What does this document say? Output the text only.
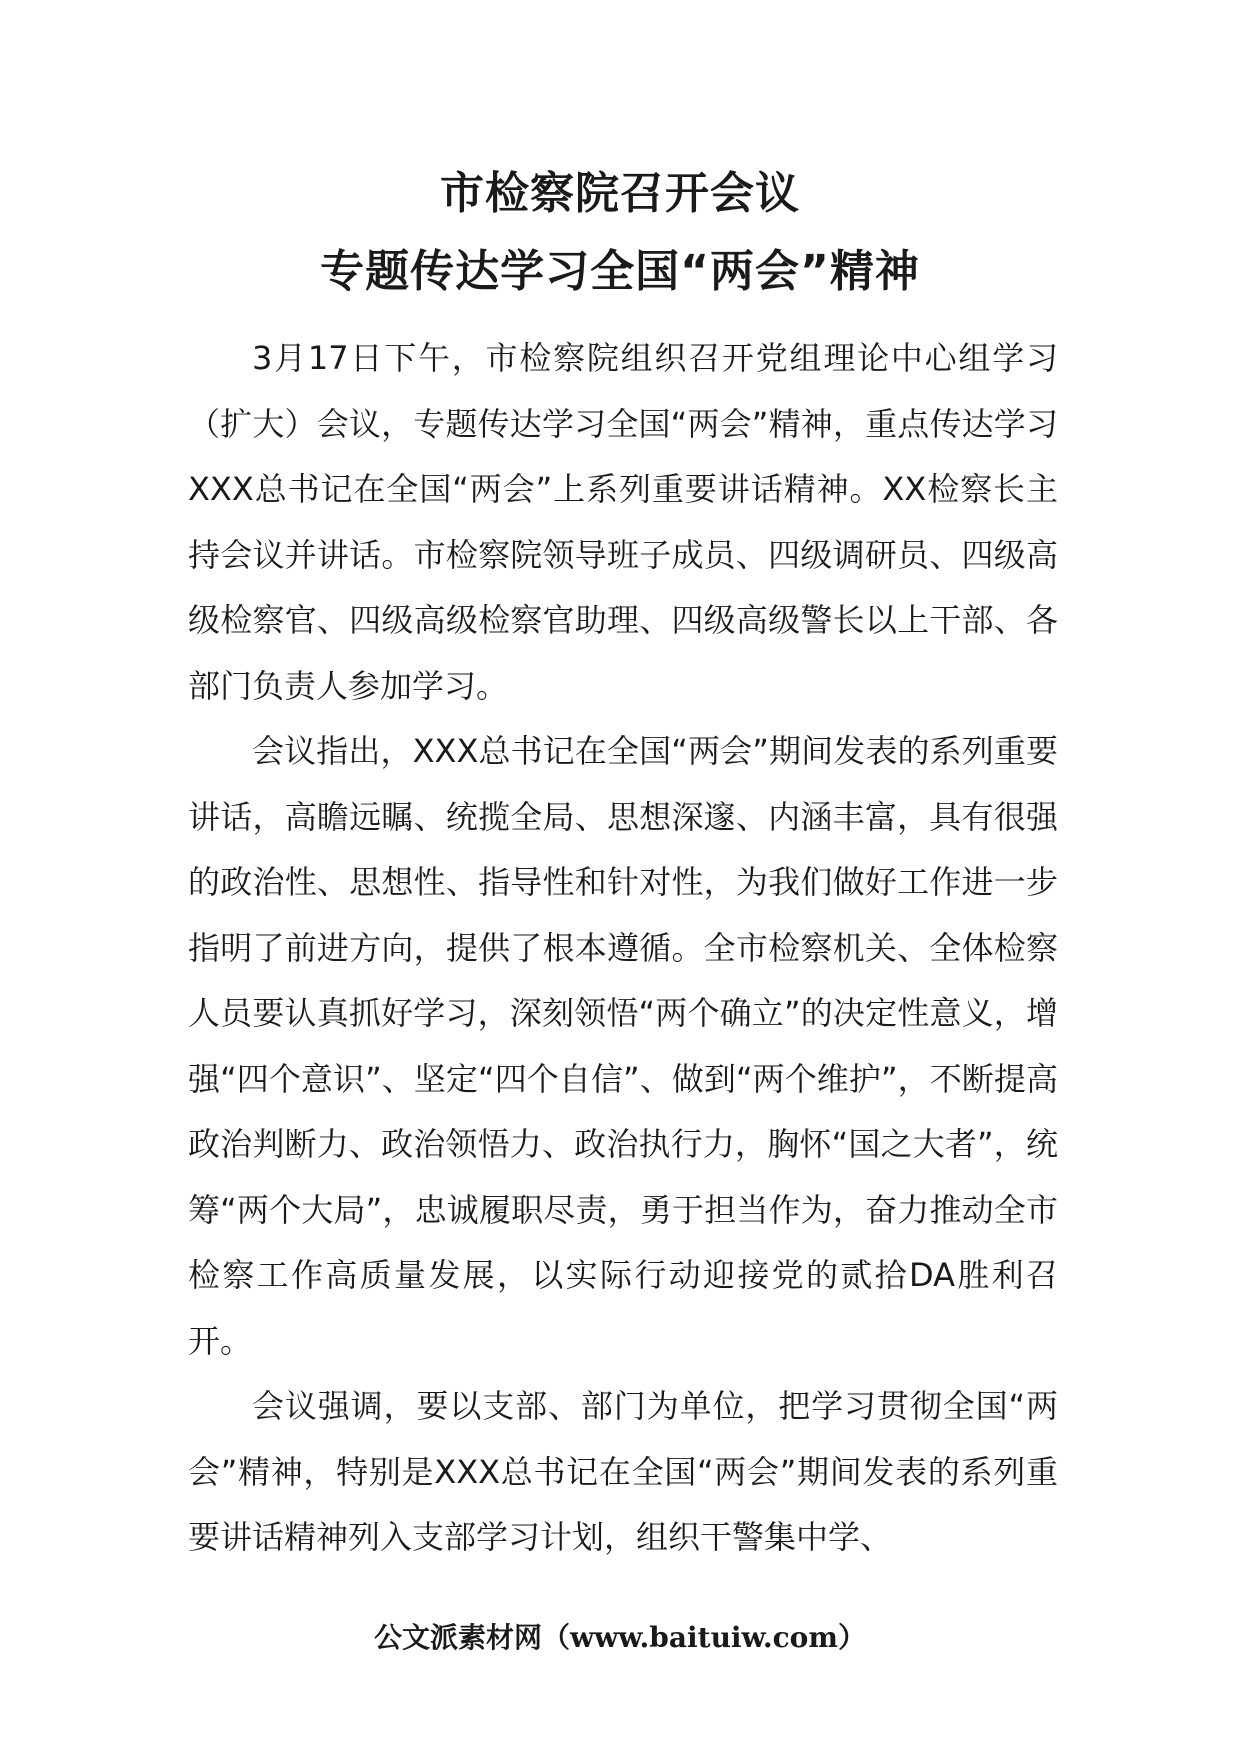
市检察院召开会议
专题传达学习全国“两会”精神

3月17日下午，市检察院组织召开党组理论中心组学习（扩大）会议，专题传达学习全国“两会”精神，重点传达学习XXX总书记在全国“两会”上系列重要讲话精神。XX检察长主持会议并讲话。市检察院领导班子成员、四级调研员、四级高级检察官、四级高级检察官助理、四级高级警长以上干部、各部门负责人参加学习。

会议指出，XXX总书记在全国“两会”期间发表的系列重要讲话，高瞻远瞩、统揽全局、思想深邃、内涵丰富，具有很强的政治性、思想性、指导性和针对性，为我们做好工作进一步指明了前进方向，提供了根本遵循。全市检察机关、全体检察人员要认真抓好学习，深刻领悟“两个确立”的决定性意义，增强“四个意识”、坚定“四个自信”、做到“两个维护”，不断提高政治判断力、政治领悟力、政治执行力，胸怀“国之大者”，统筹“两个大局”，忠诚履职尽责，勇于担当作为，奋力推动全市检察工作高质量发展，以实际行动迎接党的贰拾DA胜利召开。

会议强调，要以支部、部门为单位，把学习贯彻全国“两会”精神，特别是XXX总书记在全国“两会”期间发表的系列重要讲话精神列入支部学习计划，组织干警集中学、

公文派素材网（www.baituiw.com）
